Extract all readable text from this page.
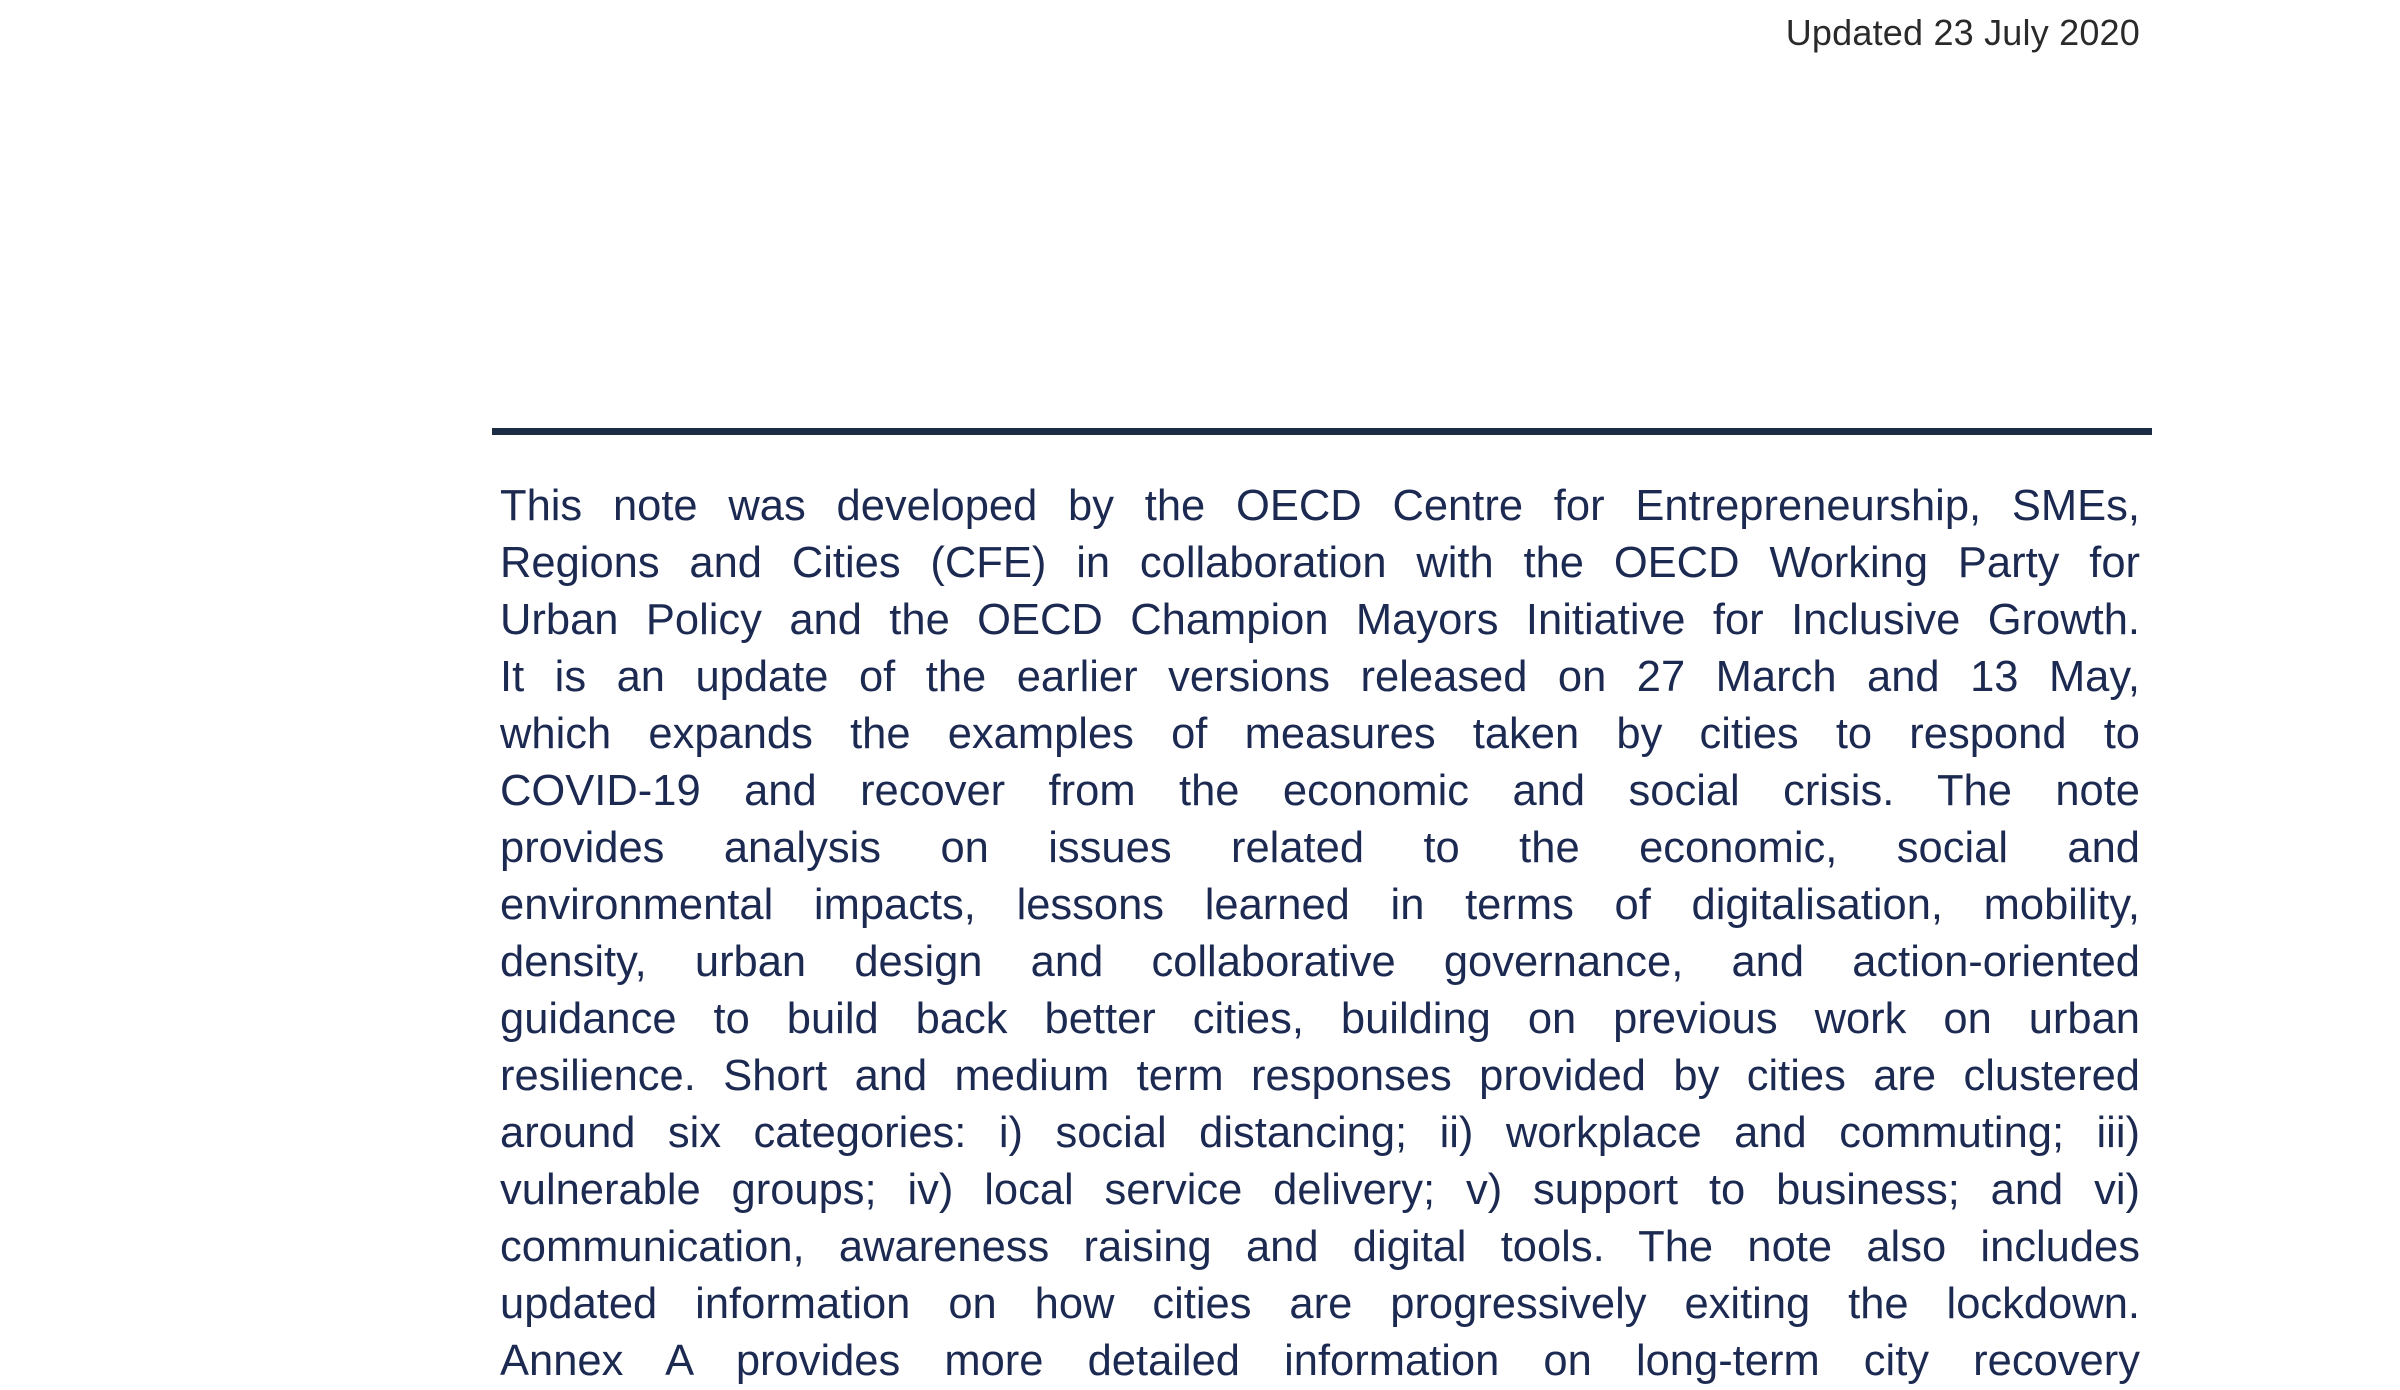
Updated 23 July 2020
This note was developed by the OECD Centre for Entrepreneurship, SMEs,
Regions and Cities (CFE) in collaboration with the OECD Working Party for
Urban Policy and the OECD Champion Mayors Initiative for Inclusive Growth.
It is an update of the earlier versions released on 27 March and 13 May,
which expands the examples of measures taken by cities to respond to
COVID-19 and recover from the economic and social crisis. The note
provides analysis on issues related to the economic, social and
environmental impacts, lessons learned in terms of digitalisation, mobility,
density, urban design and collaborative governance, and action-oriented
guidance to build back better cities, building on previous work on urban
resilience. Short and medium term responses provided by cities are clustered
around six categories: i) social distancing; ii) workplace and commuting; iii)
vulnerable groups; iv) local service delivery; v) support to business; and vi)
communication, awareness raising and digital tools. The note also includes
updated information on how cities are progressively exiting the lockdown.
Annex A provides more detailed information on long-term city recovery
